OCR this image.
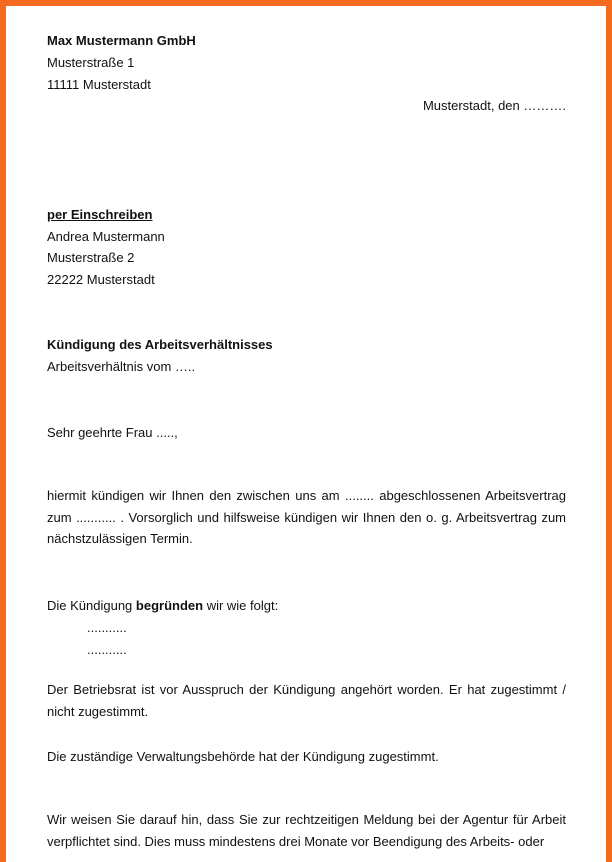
Max Mustermann GmbH
Musterstraße 1
11111 Musterstadt
Musterstadt, den ……….
per Einschreiben
Andrea Mustermann
Musterstraße 2
22222 Musterstadt
Kündigung des Arbeitsverhältnisses
Arbeitsverhältnis vom …..
Sehr geehrte Frau .....,
hiermit kündigen wir Ihnen den zwischen uns am ........ abgeschlossenen Arbeitsvertrag zum ........... . Vorsorglich und hilfsweise kündigen wir Ihnen den o. g. Arbeitsvertrag zum nächstzulässigen Termin.
Die Kündigung begründen wir wie folgt:
...........
...........
Der Betriebsrat ist vor Ausspruch der Kündigung angehört worden. Er hat zugestimmt / nicht zugestimmt.
Die zuständige Verwaltungsbehörde hat der Kündigung zugestimmt.
Wir weisen Sie darauf hin, dass Sie zur rechtzeitigen Meldung bei der Agentur für Arbeit verpflichtet sind. Dies muss mindestens drei Monate vor Beendigung des Arbeits- oder
